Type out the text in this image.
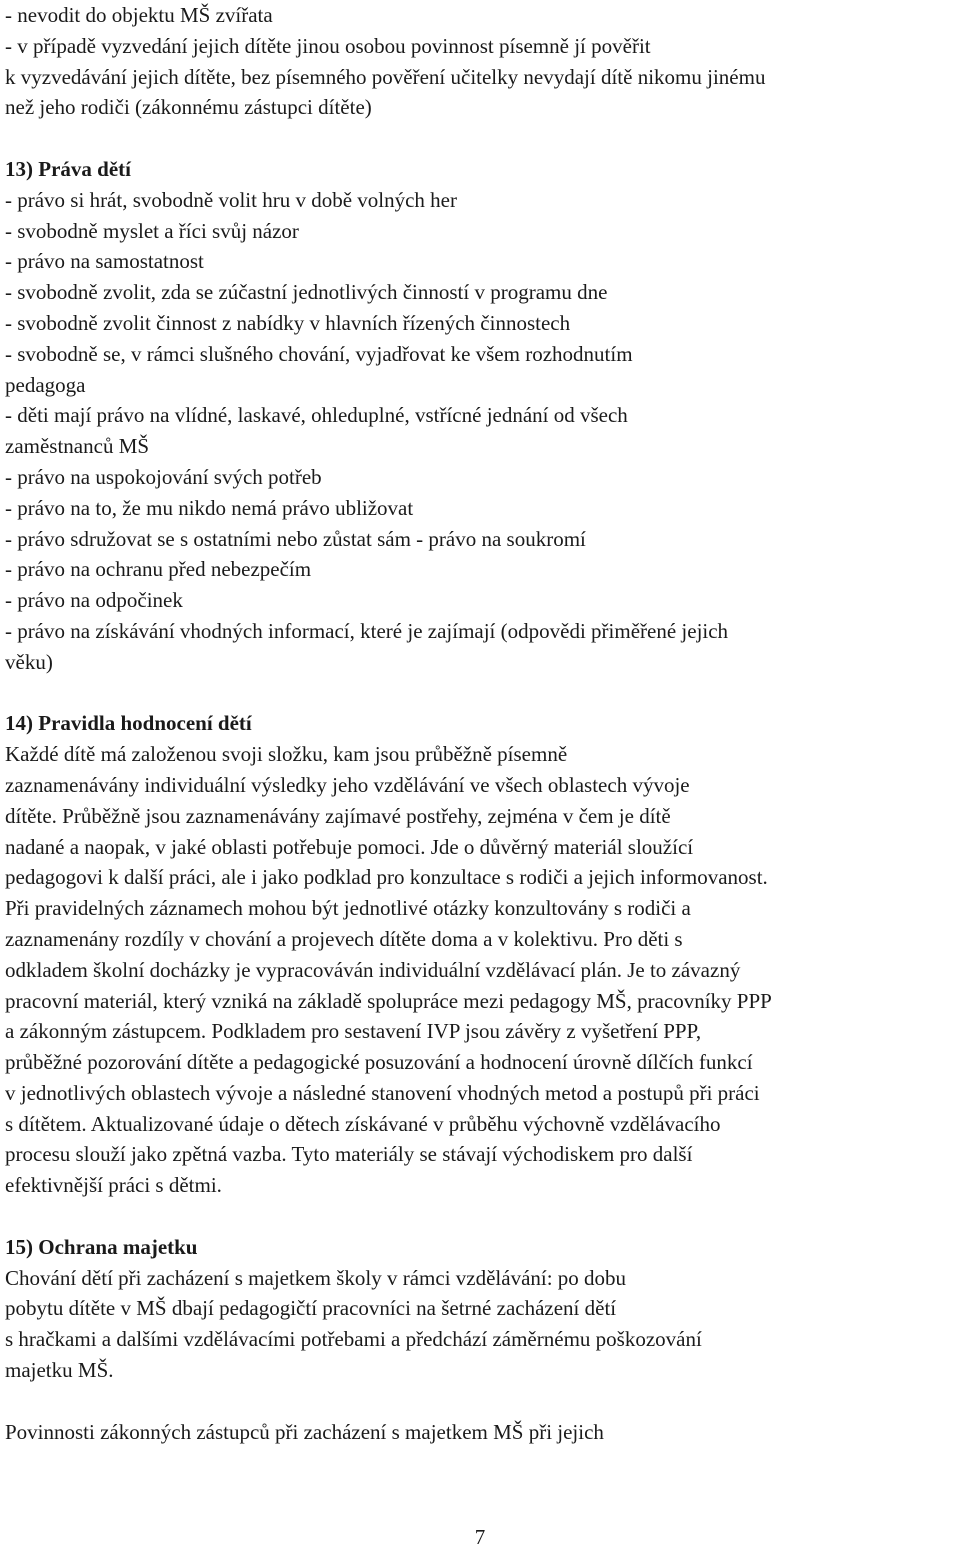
- nevodit do objektu MŠ zvířata
- v případě vyzvedání jejich dítěte jinou osobou povinnost písemně jí pověřit
k vyzvedávání jejich dítěte, bez písemného pověření učitelky nevydají dítě nikomu jinému
než jeho rodiči (zákonnému zástupci dítěte)
13) Práva dětí
- právo si hrát, svobodně volit hru v době volných her
- svobodně myslet a říci svůj názor
- právo na samostatnost
- svobodně zvolit, zda se zúčastní jednotlivých činností v programu dne
- svobodně zvolit činnost z nabídky v hlavních řízených činnostech
- svobodně se, v rámci slušného chování, vyjadřovat ke všem rozhodnutím
pedagoga
- děti mají právo na vlídné, laskavé, ohleduplné, vstřícné jednání od všech
zaměstnanců MŠ
- právo na uspokojování svých potřeb
- právo na to, že mu nikdo nemá právo ubližovat
- právo sdružovat se s ostatními nebo zůstat sám - právo na soukromí
- právo na ochranu před nebezpečím
- právo na odpočinek
- právo na získávání vhodných informací, které je zajímají (odpovědi přiměřené jejich
věku)
14) Pravidla hodnocení dětí
Každé dítě má založenou svoji složku, kam jsou průběžně písemně
zaznamenávány individuální výsledky jeho vzdělávání ve všech oblastech vývoje
dítěte. Průběžně jsou zaznamenávány zajímavé postřehy, zejména v čem je dítě
nadané a naopak, v jaké oblasti potřebuje pomoci. Jde o důvěrný materiál sloužící
pedagogovi k další práci, ale i jako podklad pro konzultace s rodiči a jejich informovanost.
Při pravidelných záznamech mohou být jednotlivé otázky konzultovány s rodiči a
zaznamenány rozdíly v chování a projevech dítěte doma a v kolektivu. Pro děti s
odkladem školní docházky je vypracováván individuální vzdělávací plán. Je to závazný
pracovní materiál, který vzniká na základě spolupráce mezi pedagogy MŠ, pracovníky PPP
a zákonným zástupcem. Podkladem pro sestavení IVP jsou závěry z vyšetření PPP,
průběžné pozorování dítěte a pedagogické posuzování a hodnocení úrovně dílčích funkcí
v jednotlivých oblastech vývoje a následné stanovení vhodných metod a postupů při práci
s dítětem. Aktualizované údaje o dětech získávané v průběhu výchovně vzdělávacího
procesu slouží jako zpětná vazba. Tyto materiály se stávají východiskem pro další
efektivnější práci s dětmi.
15) Ochrana majetku
Chování dětí při zacházení s majetkem školy v rámci vzdělávání: po dobu
pobytu dítěte v MŠ dbají pedagogičtí pracovníci na šetrné zacházení dětí
s hračkami a dalšími vzdělávacími potřebami a předchází záměrnému poškozování
majetku MŠ.
Povinnosti zákonných zástupců při zacházení s majetkem MŠ při jejich
7
